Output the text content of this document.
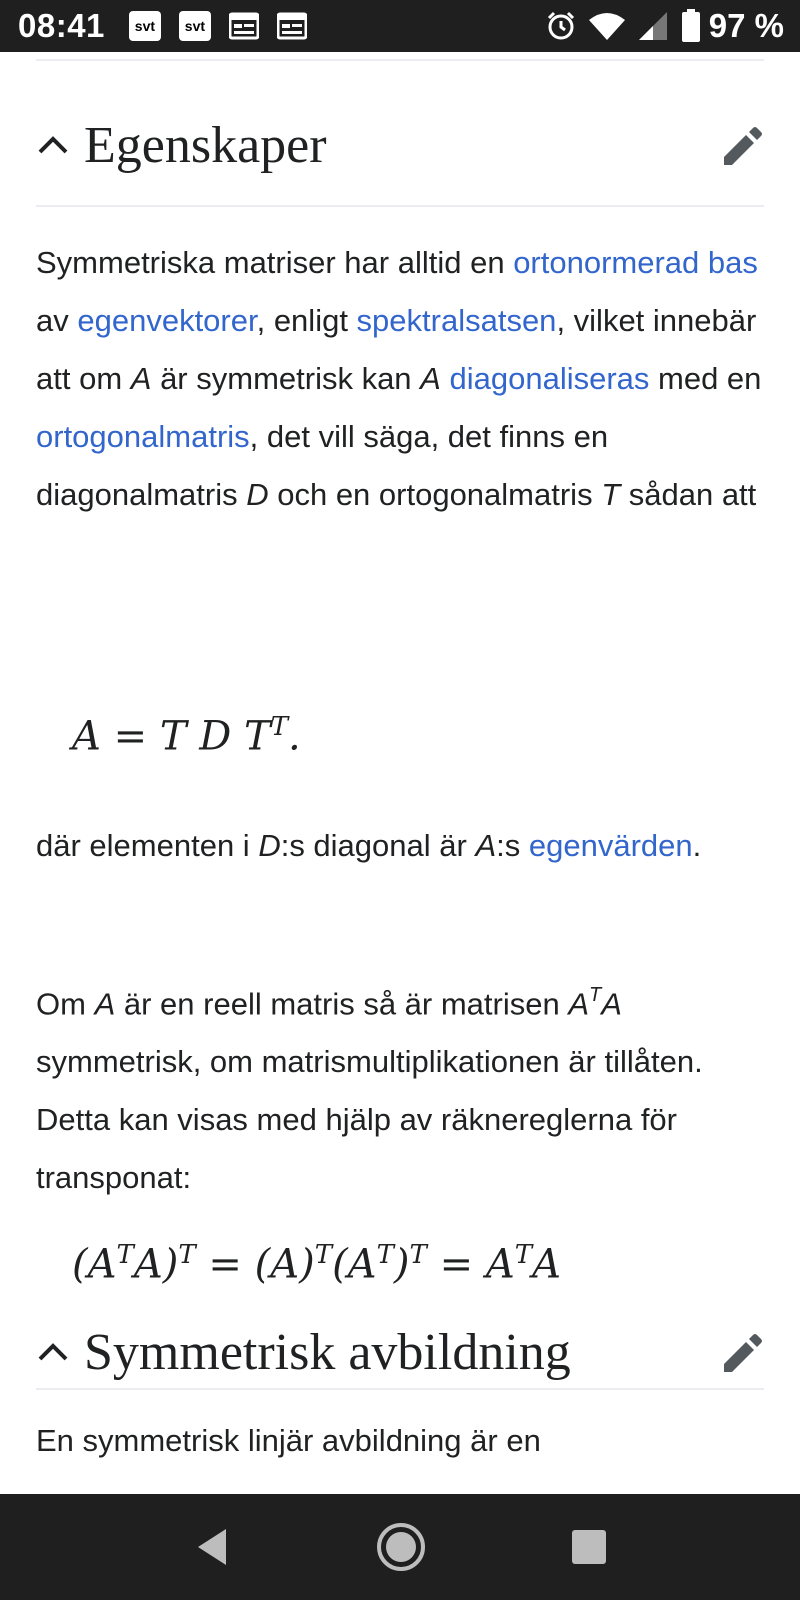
08:41	svt	svt	97 %
Egenskaper
Symmetriska matriser har alltid en ortonormerad bas av egenvektorer, enligt spektralsatsen, vilket innebär att om A är symmetrisk kan A diagonaliseras med en ortogonalmatris, det vill säga, det finns en diagonalmatris D och en ortogonalmatris T sådan att
A = T D $T^T$.
där elementen i D:s diagonal är A:s egenvärden.
Om A är en reell matris så är matrisen $A^TA$ symmetrisk, om matrismultiplikationen är tillåten. Detta kan visas med hjälp av räknereglerna för transponat:
$(A^TA)^T = (A)^T(A^T)^T = A^TA$
Symmetrisk avbildning
En symmetrisk linjär avbildning är en
